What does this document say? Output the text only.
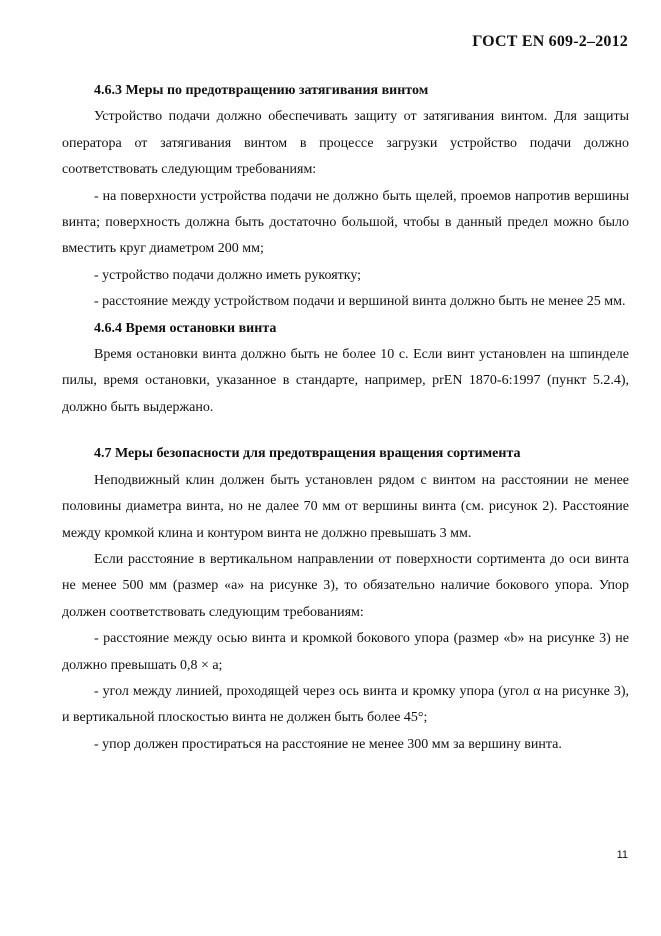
ГОСТ EN 609-2–2012

4.6.3 Меры по предотвращению затягивания винтом

Устройство подачи должно обеспечивать защиту от затягивания винтом. Для защиты оператора от затягивания винтом в процессе загрузки устройство подачи должно соответствовать следующим требованиям:

- на поверхности устройства подачи не должно быть щелей, проемов напротив вершины винта; поверхность должна быть достаточно большой, чтобы в данный предел можно было вместить круг диаметром 200 мм;

- устройство подачи должно иметь рукоятку;

- расстояние между устройством подачи и вершиной винта должно быть не менее 25 мм.

4.6.4 Время остановки винта

Время остановки винта должно быть не более 10 с. Если винт установлен на шпинделе пилы, время остановки, указанное в стандарте, например, prEN 1870-6:1997 (пункт 5.2.4), должно быть выдержано.

4.7 Меры безопасности для предотвращения вращения сортимента

Неподвижный клин должен быть установлен рядом с винтом на расстоянии не менее половины диаметра винта, но не далее 70 мм от вершины винта (см. рисунок 2). Расстояние между кромкой клина и контуром винта не должно превышать 3 мм.

Если расстояние в вертикальном направлении от поверхности сортимента до оси винта не менее 500 мм (размер «a» на рисунке 3), то обязательно наличие бокового упора. Упор должен соответствовать следующим требованиям:

- расстояние между осью винта и кромкой бокового упора (размер «b» на рисунке 3) не должно превышать 0,8 × a;

- угол между линией, проходящей через ось винта и кромку упора (угол α на рисунке 3), и вертикальной плоскостью винта не должен быть более 45°;

- упор должен простираться на расстояние не менее 300 мм за вершину винта.

11
